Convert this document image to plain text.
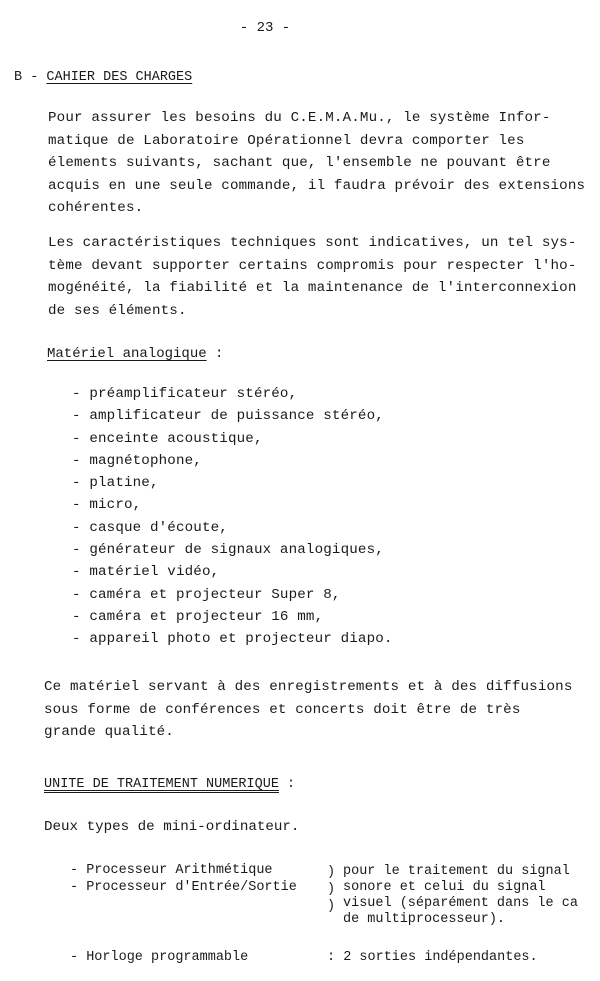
- 23 -
B - CAHIER DES CHARGES
Pour assurer les besoins du C.E.M.A.Mu., le système Infor-
matique de Laboratoire Opérationnel devra comporter les
élements suivants, sachant que, l'ensemble ne pouvant être
acquis en une seule commande, il faudra prévoir des extensions
cohérentes.
Les caractéristiques techniques sont indicatives, un tel sys-
tème devant supporter certains compromis pour respecter l'ho-
mogénéité, la fiabilité et la maintenance de l'interconnexion
de ses éléments.
Matériel analogique :
- préamplificateur stéréo,
- amplificateur de puissance stéréo,
- enceinte acoustique,
- magnétophone,
- platine,
- micro,
- casque d'écoute,
- générateur de signaux analogiques,
- matériel vidéo,
- caméra et projecteur Super 8,
- caméra et projecteur 16 mm,
- appareil photo et projecteur diapo.
Ce matériel servant à des enregistrements et à des diffusions
sous forme de conférences et concerts doit être de très
grande qualité.
UNITE DE TRAITEMENT NUMERIQUE :
Deux types de mini-ordinateur.
- Processeur Arithmétique
- Processeur d'Entrée/Sortie
)
)
)
pour le traitement du signal
sonore et celui du signal
visuel (séparément dans le ca
de multiprocesseur).
- Horloge programmable	: 2 sorties indépendantes.
